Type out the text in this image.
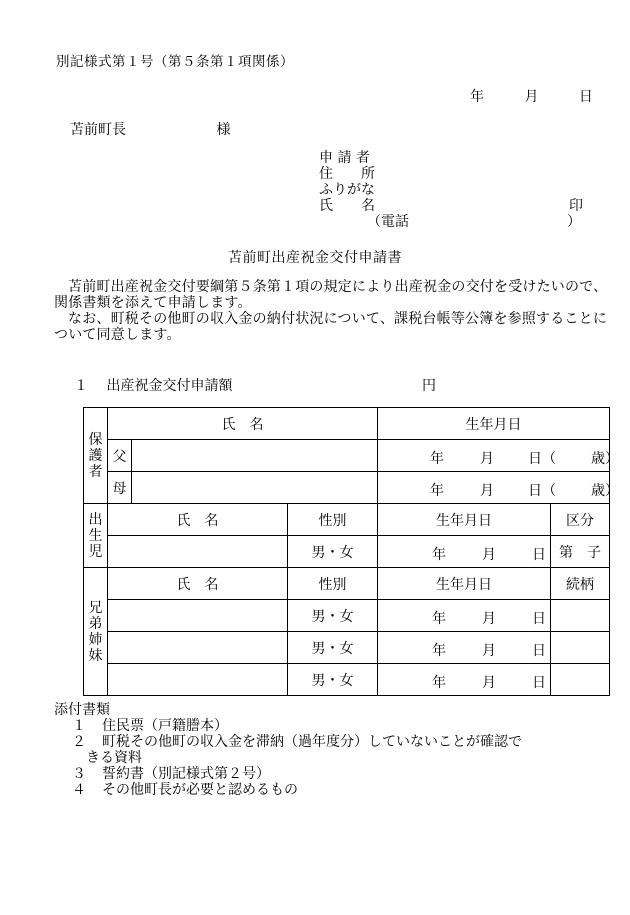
別記様式第１号（第５条第１項関係）
年	月	日
苫前町長	様
申 請 者
住　　所
ふりがな
氏　　名	印
（電話	）
苫前町出産祝金交付申請書

苫前町出産祝金交付要綱第５条第１項の規定により出産祝金の交付を受けたいので、関係書類を添えて申請します。

なお、町税その他町の収入金の納付状況について、課税台帳等公簿を参照することについて同意します。

１ 出産祝金交付申請額	円
保
護
者	氏　名			生年月日	
	父			年 月 日（ 歳）	

	母			年 月 日（ 歳）	

出
生
児	氏　名		性別	生年月日	区分
			男・女	年 月 日	第　子
兄
弟
姉
妹	氏　名		性別	生年月日	続柄
			男・女	年 月 日	

			男・女	年 月 日	

			男・女	年 月 日	

添付書類
１ 住民票（戸籍謄本）
２ 町税その他町の収入金を滞納（過年度分）していないことが確認で
きる資料
３ 誓約書（別記様式第２号）
４ その他町長が必要と認めるもの
